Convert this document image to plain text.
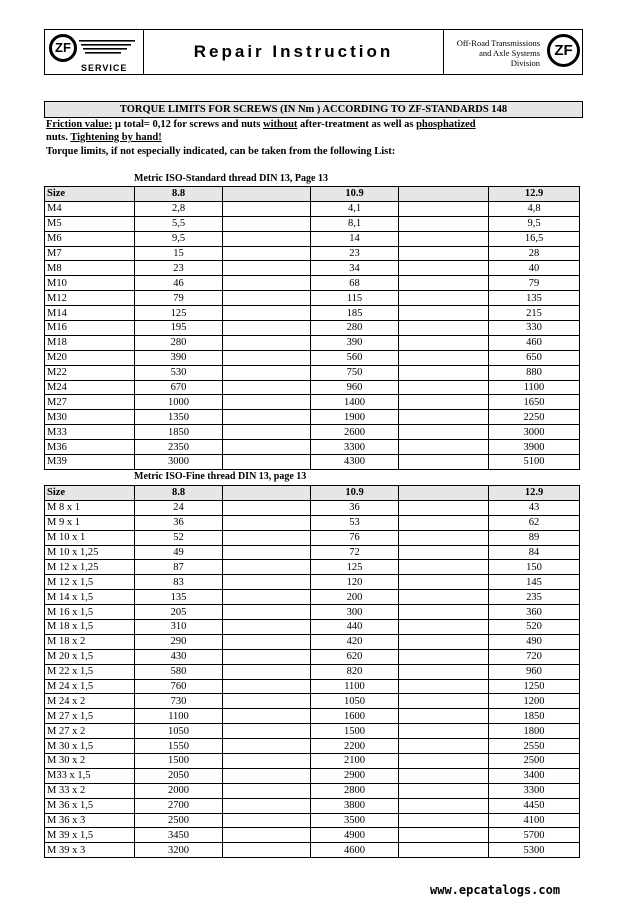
ZF
SERVICE
Repair Instruction	Off-Road Transmissions
and Axle Systems
Division
ZF
TORQUE LIMITS FOR SCREWS (IN Nm ) ACCORDING TO ZF-STANDARDS 148
Friction value: µ total= 0,12 for screws and nuts without after-treatment as well as phosphatized
nuts. Tightening by hand!
Torque limits, if not especially indicated, can be taken from the following List:
Metric ISO-Standard thread DIN 13, Page 13
Size	8.8		10.9		12.9
M4	2,8		4,1		4,8
M5	5,5		8,1		9,5
M6	9,5		14		16,5
M7	15		23		28
M8	23		34		40
M10	46		68		79
M12	79		115		135
M14	125		185		215
M16	195		280		330
M18	280		390		460
M20	390		560		650
M22	530		750		880
M24	670		960		1100
M27	1000		1400		1650
M30	1350		1900		2250
M33	1850		2600		3000
M36	2350		3300		3900
M39	3000		4300		5100
Metric ISO-Fine thread DIN 13, page 13
Size	8.8		10.9		12.9
M 8 x 1	24		36		43
M 9 x 1	36		53		62
M 10 x 1	52		76		89
M 10 x 1,25	49		72		84
M 12 x 1,25	87		125		150
M 12 x 1,5	83		120		145
M 14 x 1,5	135		200		235
M 16 x 1,5	205		300		360
M 18 x 1,5	310		440		520
M 18 x 2	290		420		490
M 20 x 1,5	430		620		720
M 22 x 1,5	580		820		960
M 24 x 1,5	760		1100		1250
M 24 x 2	730		1050		1200
M 27 x 1,5	1100		1600		1850
M 27 x 2	1050		1500		1800
M 30 x 1,5	1550		2200		2550
M 30 x 2	1500		2100		2500
M33 x 1,5	2050		2900		3400
M 33 x 2	2000		2800		3300
M 36 x 1,5	2700		3800		4450
M 36 x 3	2500		3500		4100
M 39 x 1,5	3450		4900		5700
M 39 x 3	3200		4600		5300
www.epcatalogs.com
